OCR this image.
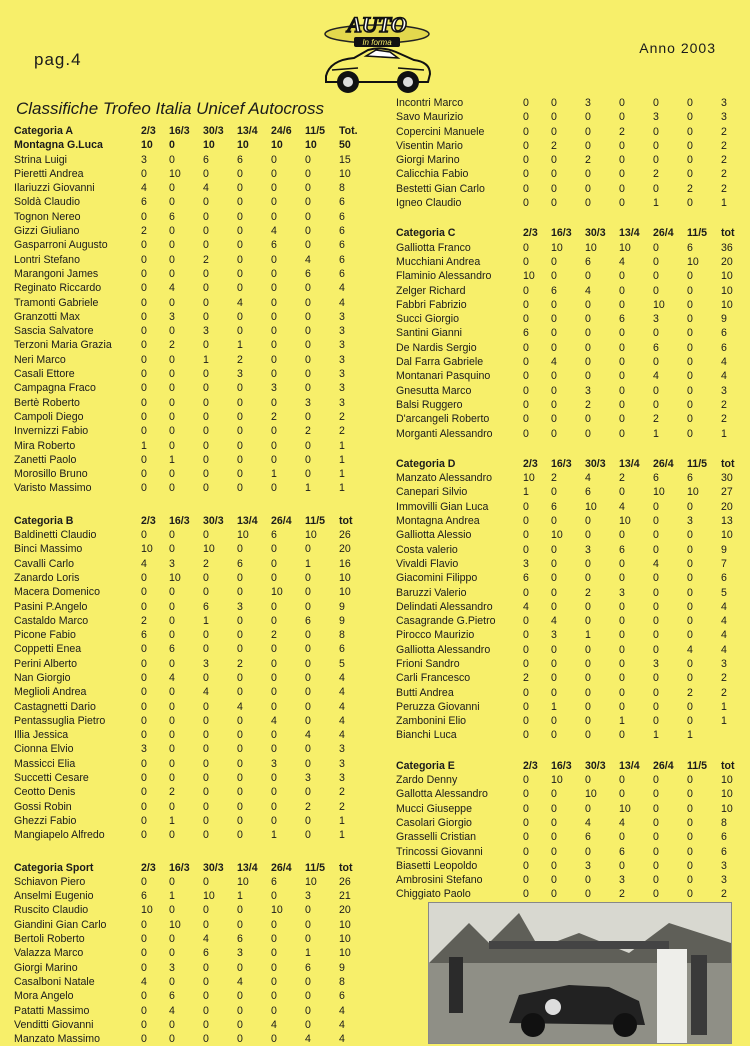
pag.4
Anno 2003
AUTO
In forma
Classifiche Trofeo Italia Unicef Autocross
Categoria A	2/3	16/3	30/3	13/4	24/6	11/5	Tot.
Montagna G.Luca	10	0	10	10	10	10	50
Strina Luigi	3	0	6	6	0	0	15
Pieretti Andrea	0	10	0	0	0	0	10
Ilariuzzi Giovanni	4	0	4	0	0	0	8
Soldà Claudio	6	0	0	0	0	0	6
Tognon Nereo	0	6	0	0	0	0	6
Gizzi Giuliano	2	0	0	0	4	0	6
Gasparroni Augusto	0	0	0	0	6	0	6
Lontri Stefano	0	0	2	0	0	4	6
Marangoni James	0	0	0	0	0	6	6
Reginato Riccardo	0	4	0	0	0	0	4
Tramonti Gabriele	0	0	0	4	0	0	4
Granzotti Max	0	3	0	0	0	0	3
Sascia Salvatore	0	0	3	0	0	0	3
Terzoni Maria Grazia	0	2	0	1	0	0	3
Neri Marco	0	0	1	2	0	0	3
Casali Ettore	0	0	0	3	0	0	3
Campagna Fraco	0	0	0	0	3	0	3
Bertè Roberto	0	0	0	0	0	3	3
Campoli Diego	0	0	0	0	2	0	2
Invernizzi Fabio	0	0	0	0	0	2	2
Mira Roberto	1	0	0	0	0	0	1
Zanetti Paolo	0	1	0	0	0	0	1
Morosillo Bruno	0	0	0	0	1	0	1
Varisto Massimo	0	0	0	0	0	1	1
Categoria B	2/3	16/3	30/3	13/4	26/4	11/5	tot
Baldinetti Claudio	0	0	0	10	6	10	26
Binci Massimo	10	0	10	0	0	0	20
Cavalli Carlo	4	3	2	6	0	1	16
Zanardo Loris	0	10	0	0	0	0	10
Macera Domenico	0	0	0	0	10	0	10
Pasini P.Angelo	0	0	6	3	0	0	9
Castaldo Marco	2	0	1	0	0	6	9
Picone Fabio	6	0	0	0	2	0	8
Coppetti Enea	0	6	0	0	0	0	6
Perini Alberto	0	0	3	2	0	0	5
Nan Giorgio	0	4	0	0	0	0	4
Meglioli Andrea	0	0	4	0	0	0	4
Castagnetti Dario	0	0	0	4	0	0	4
Pentassuglia Pietro	0	0	0	0	4	0	4
Illia Jessica	0	0	0	0	0	4	4
Cionna Elvio	3	0	0	0	0	0	3
Massicci Elia	0	0	0	0	3	0	3
Succetti Cesare	0	0	0	0	0	3	3
Ceotto Denis	0	2	0	0	0	0	2
Gossi Robin	0	0	0	0	0	2	2
Ghezzi Fabio	0	1	0	0	0	0	1
Mangiapelo Alfredo	0	0	0	0	1	0	1
Categoria Sport	2/3	16/3	30/3	13/4	26/4	11/5	tot
Schiavon Piero	0	0	0	10	6	10	26
Anselmi Eugenio	6	1	10	1	0	3	21
Ruscito Claudio	10	0	0	0	10	0	20
Giandini Gian Carlo	0	10	0	0	0	0	10
Bertoli Roberto	0	0	4	6	0	0	10
Valazza Marco	0	0	6	3	0	1	10
Giorgi Marino	0	3	0	0	0	6	9
Casalboni Natale	4	0	0	4	0	0	8
Mora Angelo	0	6	0	0	0	0	6
Patatti Massimo	0	4	0	0	0	0	4
Venditti Giovanni	0	0	0	0	4	0	4
Manzato Massimo	0	0	0	0	0	4	4
Incontri Marco	0	0	3	0	0	0	3
Savo Maurizio	0	0	0	0	3	0	3
Copercini Manuele	0	0	0	2	0	0	2
Visentin Mario	0	2	0	0	0	0	2
Giorgi Marino	0	0	2	0	0	0	2
Calicchia Fabio	0	0	0	0	2	0	2
Bestetti Gian Carlo	0	0	0	0	0	2	2
Igneo Claudio	0	0	0	0	1	0	1
Categoria C	2/3	16/3	30/3	13/4	26/4	11/5	tot
Galliotta Franco	0	10	10	10	0	6	36
Mucchiani Andrea	0	0	6	4	0	10	20
Flaminio Alessandro	10	0	0	0	0	0	10
Zelger Richard	0	6	4	0	0	0	10
Fabbri Fabrizio	0	0	0	0	10	0	10
Succi Giorgio	0	0	0	6	3	0	9
Santini Gianni	6	0	0	0	0	0	6
De Nardis Sergio	0	0	0	0	6	0	6
Dal Farra Gabriele	0	4	0	0	0	0	4
Montanari Pasquino	0	0	0	0	4	0	4
Gnesutta Marco	0	0	3	0	0	0	3
Balsi Ruggero	0	0	2	0	0	0	2
D'arcangeli Roberto	0	0	0	0	2	0	2
Morganti Alessandro	0	0	0	0	1	0	1
Categoria D	2/3	16/3	30/3	13/4	26/4	11/5	tot
Manzato Alessandro	10	2	4	2	6	6	30
Canepari Silvio	1	0	6	0	10	10	27
Immovilli Gian Luca	0	6	10	4	0	0	20
Montagna Andrea	0	0	0	10	0	3	13
Galliotta Alessio	0	10	0	0	0	0	10
Costa valerio	0	0	3	6	0	0	9
Vivaldi Flavio	3	0	0	0	4	0	7
Giacomini Filippo	6	0	0	0	0	0	6
Baruzzi Valerio	0	0	2	3	0	0	5
Delindati Alessandro	4	0	0	0	0	0	4
Casagrande G.Pietro	0	4	0	0	0	0	4
Pirocco Maurizio	0	3	1	0	0	0	4
Galliotta Alessandro	0	0	0	0	0	4	4
Frioni Sandro	0	0	0	0	3	0	3
Carli Francesco	2	0	0	0	0	0	2
Butti Andrea	0	0	0	0	0	2	2
Peruzza Giovanni	0	1	0	0	0	0	1
Zambonini Elio	0	0	0	1	0	0	1
Bianchi Luca	0	0	0	0	1	1	
Categoria E	2/3	16/3	30/3	13/4	26/4	11/5	tot
Zardo Denny	0	10	0	0	0	0	10
Gallotta Alessandro	0	0	10	0	0	0	10
Mucci Giuseppe	0	0	0	10	0	0	10
Casolari Giorgio	0	0	4	4	0	0	8
Grasselli Cristian	0	0	6	0	0	0	6
Trincossi Giovanni	0	0	0	6	0	0	6
Biasetti Leopoldo	0	0	3	0	0	0	3
Ambrosini Stefano	0	0	0	3	0	0	3
Chiggiato Paolo	0	0	0	2	0	0	2
